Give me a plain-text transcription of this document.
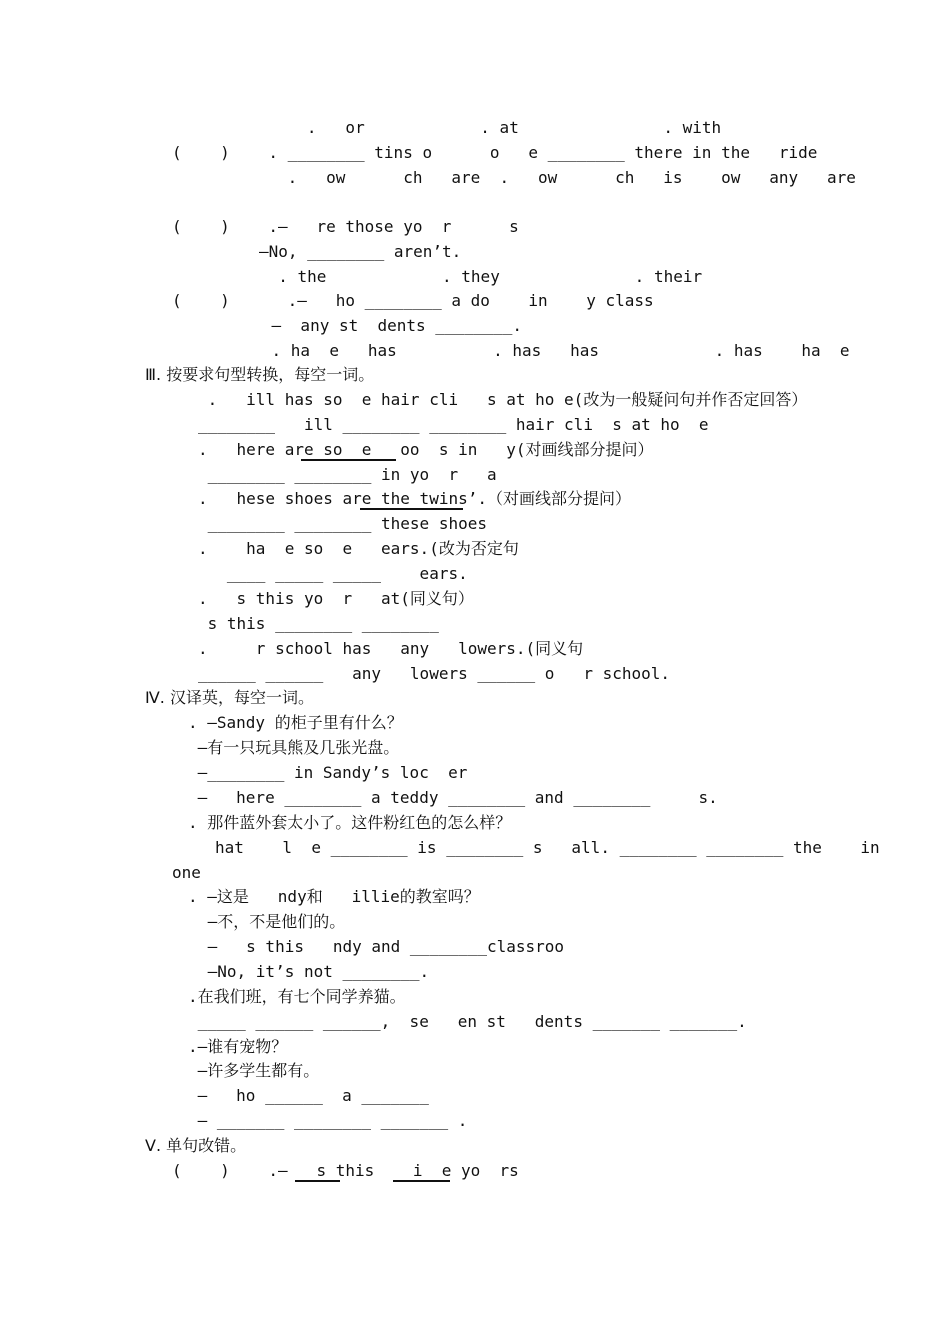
.   or            . at               . with
(    )    . ________ tins o      o   e ________ there in the   ride
.   ow      ch   are  .   ow      ch   is    ow   any   are
(    )    .—   re those yo  r      s
—No, ________ aren’t.
. the            . they              . their
(    )      .—   ho ________ a do    in    y class
—  any st  dents ________.
. ha  e   has          . has   has            . has    ha  e
Ⅲ. 按要求句型转换，每空一词。
.   ill has so  e hair cli   s at ho e(改为一般疑问句并作否定回答）
________   ill ________ ________ hair cli  s at ho  e
.   here are so  e   oo  s in   y(对画线部分提问）
________ ________ in yo  r   a
.   hese shoes are the twins’.（对画线部分提问）
________ ________ these shoes
.    ha  e so  e   ears.(改为否定句
____ _____ _____    ears.
.   s this yo  r   at(同义句）
s this ________ ________
.     r school has   any   lowers.(同义句
______ ______   any   lowers ______ o   r school.
Ⅳ. 汉译英，每空一词。
. —Sandy 的柜子里有什么？
—有一只玩具熊及几张光盘。
—________ in Sandy’s loc  er
—   here ________ a teddy ________ and ________     s.
. 那件蓝外套太小了。这件粉红色的怎么样？
hat    l  e ________ is ________ s   all. ________ ________ the    in
one
. —这是   ndy和   illie的教室吗？
—不，不是他们的。
—   s this   ndy and ________classroo
—No, it’s not ________.
.在我们班，有七个同学养猫。
_____ ______ ______,  se   en st   dents _______ _______.
.—谁有宠物？
—许多学生都有。
—   ho ______  a _______
— _______ ________ _______ .
Ⅴ. 单句改错。
(    )    .—   s this    i  e yo  rs
